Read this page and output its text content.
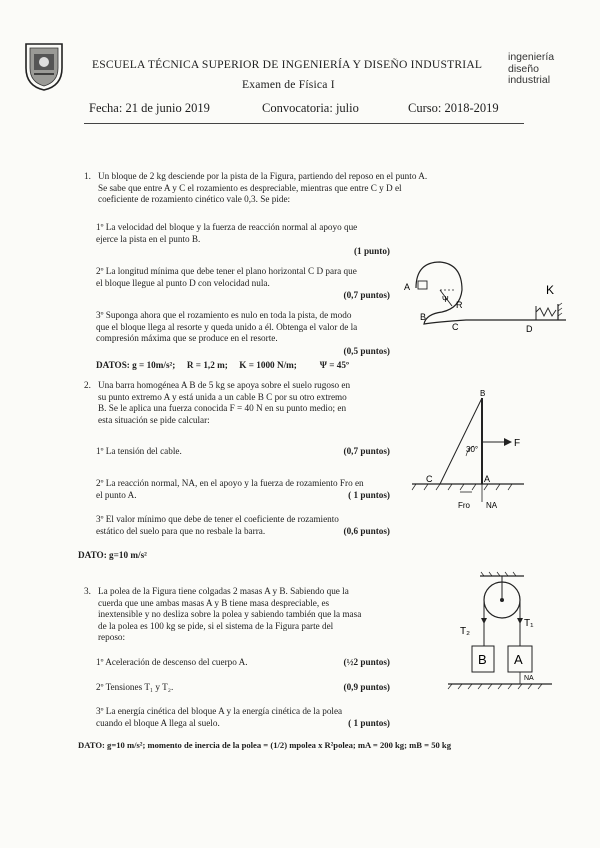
ESCUELA TÉCNICA SUPERIOR DE INGENIERÍA Y DISEÑO INDUSTRIAL
Examen de Física I
ingeniería diseño industrial
Fecha: 21 de junio 2019	Convocatoria: julio	Curso: 2018-2019
1. Un bloque de 2 kg desciende por la pista de la Figura, partiendo del reposo en el punto A.
Se sabe que entre A y C el rozamiento es despreciable, mientras que entre C y D el
coeficiente de rozamiento cinético vale 0,3. Se pide:
1º La velocidad del bloque y la fuerza de reacción normal al apoyo que
ejerce la pista en el punto B.
(1 punto)
2º La longitud mínima que debe tener el plano horizontal C D para que
el bloque llegue al punto D con velocidad nula.
(0,7 puntos)
3º Suponga ahora que el rozamiento es nulo en toda la pista, de modo
que el bloque llega al resorte y queda unido a él. Obtenga el valor de la
compresión máxima que se produce en el resorte.
(0,5 puntos)
DATOS: g = 10m/s²;     R = 1,2 m;     K = 1000 N/m;          Ψ = 45º
A
B
C	D
R
K
Ψ
2. Una barra homogénea A B de 5 kg se apoya sobre el suelo rugoso en
su punto extremo A y está unida a un cable B C por su otro extremo
B. Se le aplica una fuerza conocida F = 40 N en su punto medio; en
esta situación se pide calcular:
1º La tensión del cable.	(0,7 puntos)
2º La reacción normal, NA, en el apoyo y la fuerza de rozamiento Fro en
el punto A.	( 1 puntos)
3º El valor mínimo que debe de tener el coeficiente de rozamiento
estático del suelo para que no resbale la barra.	(0,6 puntos)
DATO: g=10 m/s²
B
30°
F
C	A
Fro NA
3. La polea de la Figura tiene colgadas 2 masas A y B. Sabiendo que la
cuerda que une ambas masas A y B tiene masa despreciable, es
inextensible y no desliza sobre la polea y sabiendo también que la masa
de la polea es 100 kg se pide, si el sistema de la Figura parte del
reposo:
1º Aceleración de descenso del cuerpo A.	(½2 puntos)
2º Tensiones T₁ y T₂.	(0,9 puntos)
3º La energía cinética del bloque A y la energía cinética de la polea
cuando el bloque A llega al suelo.	( 1 puntos)
DATO: g=10 m/s²; momento de inercia de la polea = (1/2) mpolea x R²polea; mA = 200 kg; mB = 50 kg
T₂
T₁
B A
NA
